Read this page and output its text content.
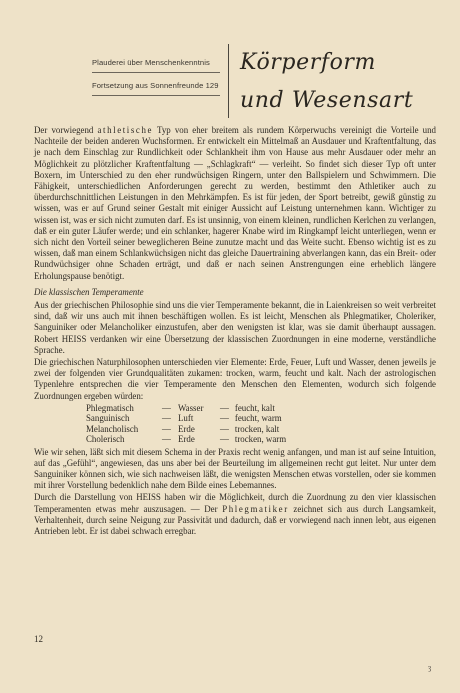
Plauderei über Menschenkenntnis
Fortsetzung aus Sonnenfreunde 129
Körperform
und Wesensart

Der vorwiegend athletische Typ von eher breitem als rundem Körperwuchs vereinigt die Vorteile und Nachteile der beiden anderen Wuchsformen. Er entwickelt ein Mittelmaß an Ausdauer und Kraftentfaltung, das je nach dem Einschlag zur Rundlichkeit oder Schlankheit ihm von Hause aus mehr Ausdauer oder mehr an Möglichkeit zu plötzlicher Kraftentfaltung — „Schlagkraft“ — verleiht. So findet sich dieser Typ oft unter Boxern, im Unterschied zu den eher rundwüchsigen Ringern, unter den Ballspielern und Schwimmern. Die Fähigkeit, unterschiedlichen Anforderungen gerecht zu werden, bestimmt den Athletiker auch zu überdurchschnittlichen Leistungen in den Mehrkämpfen. Es ist für jeden, der Sport betreibt, gewiß günstig zu wissen, was er auf Grund seiner Gestalt mit einiger Aussicht auf Leistung unternehmen kann. Wichtiger zu wissen ist, was er sich nicht zumuten darf. Es ist unsinnig, von einem kleinen, rundlichen Kerlchen zu verlangen, daß er ein guter Läufer werde; und ein schlanker, hagerer Knabe wird im Ringkampf leicht unterliegen, wenn er sich nicht den Vorteil seiner beweglicheren Beine zunutze macht und das Weite sucht. Ebenso wichtig ist es zu wissen, daß man einem Schlankwüchsigen nicht das gleiche Dauertraining abverlangen kann, das ein Breit- oder Rundwüchsiger ohne Schaden erträgt, und daß er nach seinen Anstrengungen eine erheblich längere Erholungspause benötigt.

Die klassischen Temperamente

Aus der griechischen Philosophie sind uns die vier Temperamente bekannt, die in Laienkreisen so weit verbreitet sind, daß wir uns auch mit ihnen beschäftigen wollen. Es ist leicht, Menschen als Phlegmatiker, Choleriker, Sanguiniker oder Melancholiker einzustufen, aber den wenigsten ist klar, was sie damit überhaupt aussagen. Robert HEISS verdanken wir eine Übersetzung der klassischen Zuordnungen in eine moderne, verständliche Sprache.

Die griechischen Naturphilosophen unterschieden vier Elemente: Erde, Feuer, Luft und Wasser, denen jeweils je zwei der folgenden vier Grundqualitäten zukamen: trocken, warm, feucht und kalt. Nach der astrologischen Typenlehre entsprechen die vier Temperamente den Menschen den Elementen, wodurch sich folgende Zuordnungen ergeben würden:

Phlegmatisch	—	Wasser	—	feucht, kalt
Sanguinisch	—	Luft	—	feucht, warm
Melancholisch	—	Erde	—	trocken, kalt
Cholerisch	—	Erde	—	trocken, warm

Wie wir sehen, läßt sich mit diesem Schema in der Praxis recht wenig anfangen, und man ist auf seine Intuition, auf das „Gefühl“, angewiesen, das uns aber bei der Beurteilung im allgemeinen recht gut leitet. Nur unter dem Sanguiniker können sich, wie sich nachweisen läßt, die wenigsten Menschen etwas vorstellen, oder sie kommen mit ihrer Vorstellung bedenklich nahe dem Bilde eines Lebemannes.

Durch die Darstellung von HEISS haben wir die Möglichkeit, durch die Zuordnung zu den vier klassischen Temperamenten etwas mehr auszusagen. — Der Phlegmatiker zeichnet sich aus durch Langsamkeit, Verhaltenheit, durch seine Neigung zur Passivität und dadurch, daß er vorwiegend nach innen lebt, aus eigenen Antrieben lebt. Er ist dabei schwach erregbar.

12
ȝ
